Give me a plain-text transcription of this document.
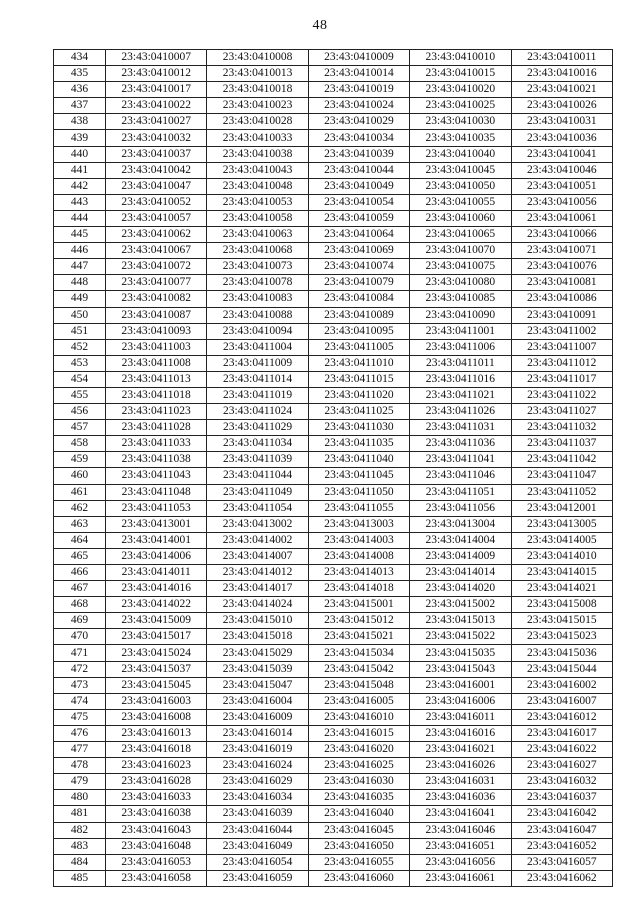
48
434	23:43:0410007	23:43:0410008	23:43:0410009	23:43:0410010	23:43:0410011
435	23:43:0410012	23:43:0410013	23:43:0410014	23:43:0410015	23:43:0410016
436	23:43:0410017	23:43:0410018	23:43:0410019	23:43:0410020	23:43:0410021
437	23:43:0410022	23:43:0410023	23:43:0410024	23:43:0410025	23:43:0410026
438	23:43:0410027	23:43:0410028	23:43:0410029	23:43:0410030	23:43:0410031
439	23:43:0410032	23:43:0410033	23:43:0410034	23:43:0410035	23:43:0410036
440	23:43:0410037	23:43:0410038	23:43:0410039	23:43:0410040	23:43:0410041
441	23:43:0410042	23:43:0410043	23:43:0410044	23:43:0410045	23:43:0410046
442	23:43:0410047	23:43:0410048	23:43:0410049	23:43:0410050	23:43:0410051
443	23:43:0410052	23:43:0410053	23:43:0410054	23:43:0410055	23:43:0410056
444	23:43:0410057	23:43:0410058	23:43:0410059	23:43:0410060	23:43:0410061
445	23:43:0410062	23:43:0410063	23:43:0410064	23:43:0410065	23:43:0410066
446	23:43:0410067	23:43:0410068	23:43:0410069	23:43:0410070	23:43:0410071
447	23:43:0410072	23:43:0410073	23:43:0410074	23:43:0410075	23:43:0410076
448	23:43:0410077	23:43:0410078	23:43:0410079	23:43:0410080	23:43:0410081
449	23:43:0410082	23:43:0410083	23:43:0410084	23:43:0410085	23:43:0410086
450	23:43:0410087	23:43:0410088	23:43:0410089	23:43:0410090	23:43:0410091
451	23:43:0410093	23:43:0410094	23:43:0410095	23:43:0411001	23:43:0411002
452	23:43:0411003	23:43:0411004	23:43:0411005	23:43:0411006	23:43:0411007
453	23:43:0411008	23:43:0411009	23:43:0411010	23:43:0411011	23:43:0411012
454	23:43:0411013	23:43:0411014	23:43:0411015	23:43:0411016	23:43:0411017
455	23:43:0411018	23:43:0411019	23:43:0411020	23:43:0411021	23:43:0411022
456	23:43:0411023	23:43:0411024	23:43:0411025	23:43:0411026	23:43:0411027
457	23:43:0411028	23:43:0411029	23:43:0411030	23:43:0411031	23:43:0411032
458	23:43:0411033	23:43:0411034	23:43:0411035	23:43:0411036	23:43:0411037
459	23:43:0411038	23:43:0411039	23:43:0411040	23:43:0411041	23:43:0411042
460	23:43:0411043	23:43:0411044	23:43:0411045	23:43:0411046	23:43:0411047
461	23:43:0411048	23:43:0411049	23:43:0411050	23:43:0411051	23:43:0411052
462	23:43:0411053	23:43:0411054	23:43:0411055	23:43:0411056	23:43:0412001
463	23:43:0413001	23:43:0413002	23:43:0413003	23:43:0413004	23:43:0413005
464	23:43:0414001	23:43:0414002	23:43:0414003	23:43:0414004	23:43:0414005
465	23:43:0414006	23:43:0414007	23:43:0414008	23:43:0414009	23:43:0414010
466	23:43:0414011	23:43:0414012	23:43:0414013	23:43:0414014	23:43:0414015
467	23:43:0414016	23:43:0414017	23:43:0414018	23:43:0414020	23:43:0414021
468	23:43:0414022	23:43:0414024	23:43:0415001	23:43:0415002	23:43:0415008
469	23:43:0415009	23:43:0415010	23:43:0415012	23:43:0415013	23:43:0415015
470	23:43:0415017	23:43:0415018	23:43:0415021	23:43:0415022	23:43:0415023
471	23:43:0415024	23:43:0415029	23:43:0415034	23:43:0415035	23:43:0415036
472	23:43:0415037	23:43:0415039	23:43:0415042	23:43:0415043	23:43:0415044
473	23:43:0415045	23:43:0415047	23:43:0415048	23:43:0416001	23:43:0416002
474	23:43:0416003	23:43:0416004	23:43:0416005	23:43:0416006	23:43:0416007
475	23:43:0416008	23:43:0416009	23:43:0416010	23:43:0416011	23:43:0416012
476	23:43:0416013	23:43:0416014	23:43:0416015	23:43:0416016	23:43:0416017
477	23:43:0416018	23:43:0416019	23:43:0416020	23:43:0416021	23:43:0416022
478	23:43:0416023	23:43:0416024	23:43:0416025	23:43:0416026	23:43:0416027
479	23:43:0416028	23:43:0416029	23:43:0416030	23:43:0416031	23:43:0416032
480	23:43:0416033	23:43:0416034	23:43:0416035	23:43:0416036	23:43:0416037
481	23:43:0416038	23:43:0416039	23:43:0416040	23:43:0416041	23:43:0416042
482	23:43:0416043	23:43:0416044	23:43:0416045	23:43:0416046	23:43:0416047
483	23:43:0416048	23:43:0416049	23:43:0416050	23:43:0416051	23:43:0416052
484	23:43:0416053	23:43:0416054	23:43:0416055	23:43:0416056	23:43:0416057
485	23:43:0416058	23:43:0416059	23:43:0416060	23:43:0416061	23:43:0416062
